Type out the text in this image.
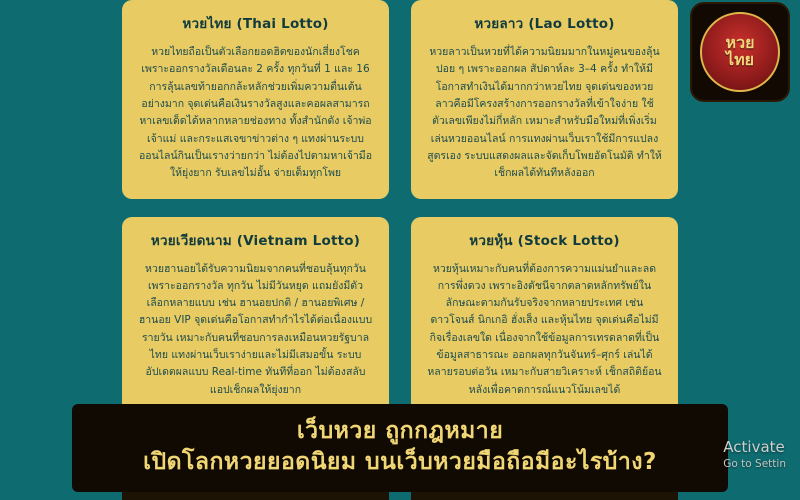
หวยไทย (Thai Lotto)
หวยไทยถือเป็นตัวเลือกยอดฮิตของนักเสี่ยงโชค เพราะออกรางวัลเดือนละ 2 ครั้ง ทุกวันที่ 1 และ 16 การลุ้นเลขท้ายอกกล้ะหลักช่วยเพิ่มความตื่นเต้นอย่างมาก จุดเด่นคือเงินรางวัลสูงและคอผลสามารถหาเลขเด็ดได้หลากหลายช่องทาง ทั้งสำนักดัง เจ้าพ่อเจ้าแม่ และกระแสเจขาข่าวต่าง ๆ แทงผ่านระบบออนไลน์กินเป็นเรางว่ายกว่า ไม่ต้องไปตามหาเจ้ามือให้ยุ่งยาก รับเลขไม่อั้น จ่ายเต็มทุกโพย
หวยลาว (Lao Lotto)
หวยลาวเป็นหวยที่ได้ความนิยมมากในหมู่คนของลุ้นปอย ๆ เพราะออกผล สัปดาห์ละ 3–4 ครั้ง ทำให้มีโอกาสทำเงินได้มากกว่าหวยไทย จุดเด่นของหวยลาวคือมีโครงสร้างการออกรางวัลที่เข้าใจง่าย ใช้ตัวเลขเพียงไม่กี่หลัก เหมาะสำหรับมือใหม่ที่เพิ่งเริ่มเล่นหวยออนไลน์ การแทงผ่านเว็บเราใช้มีการแปลงสูตรเอง ระบบแสดงผลและจัดเก็บโพยอัตโนมัติ ทำให้เช็กผลได้ทันทีหลังออก
หวยเวียดนาม (Vietnam Lotto)
หวยฮานอยได้รับความนิยมจากคนที่ชอบลุ้นทุกวัน เพราะออกรางวัล ทุกวัน ไม่มีวันหยุด แถมยังมีตัวเลือกหลายแบบ เช่น ฮานอยปกติ / ฮานอยพิเศษ / ฮานอย VIP จุดเด่นคือโอกาสทำกำไรได้ต่อเนื่องแบบรายวัน เหมาะกับคนที่ชอบการลงเหมือนหวยรัฐบาลไทย แทงผ่านเว็บเราง่ายและไม่มีเสมอขั้น ระบบอัปเดตผลแบบ Real-time ทันทีที่ออก ไม่ต้องสลับแอปเช็กผลให้ยุ่งยาก
หวยหุ้น (Stock Lotto)
หวยหุ้นเหมาะกับคนที่ต้องการความแม่นยำและลดการพึ่งดวง เพราะอิงดัชนีจากตลาดหลักทรัพย์ในลักษณะตามกันรับจริงจากหลายประเทศ เช่น ดาวโจนส์ นิกเกอิ ฮั่งเส็ง และหุ้นไทย จุดเด่นคือไม่มีกิจเรื่องเลขใด เนื่องจากใช้ข้อมูลการเทรดลาดที่เป็นข้อมูลสาธารณะ ออกผลทุกวันจันทร์–ศุกร์ เล่นได้หลายรอบต่อวัน เหมาะกับสายวิเคราะห์ เช็กสถิติย้อนหลังเพื่อคาดการณ์แนวโน้มเลขได้
หวย
ไทย
เว็บหวย ถูกกฎหมาย
เปิดโลกหวยยอดนิยม บนเว็บหวยมือถือมีอะไรบ้าง?
Activate
Go to Settin
